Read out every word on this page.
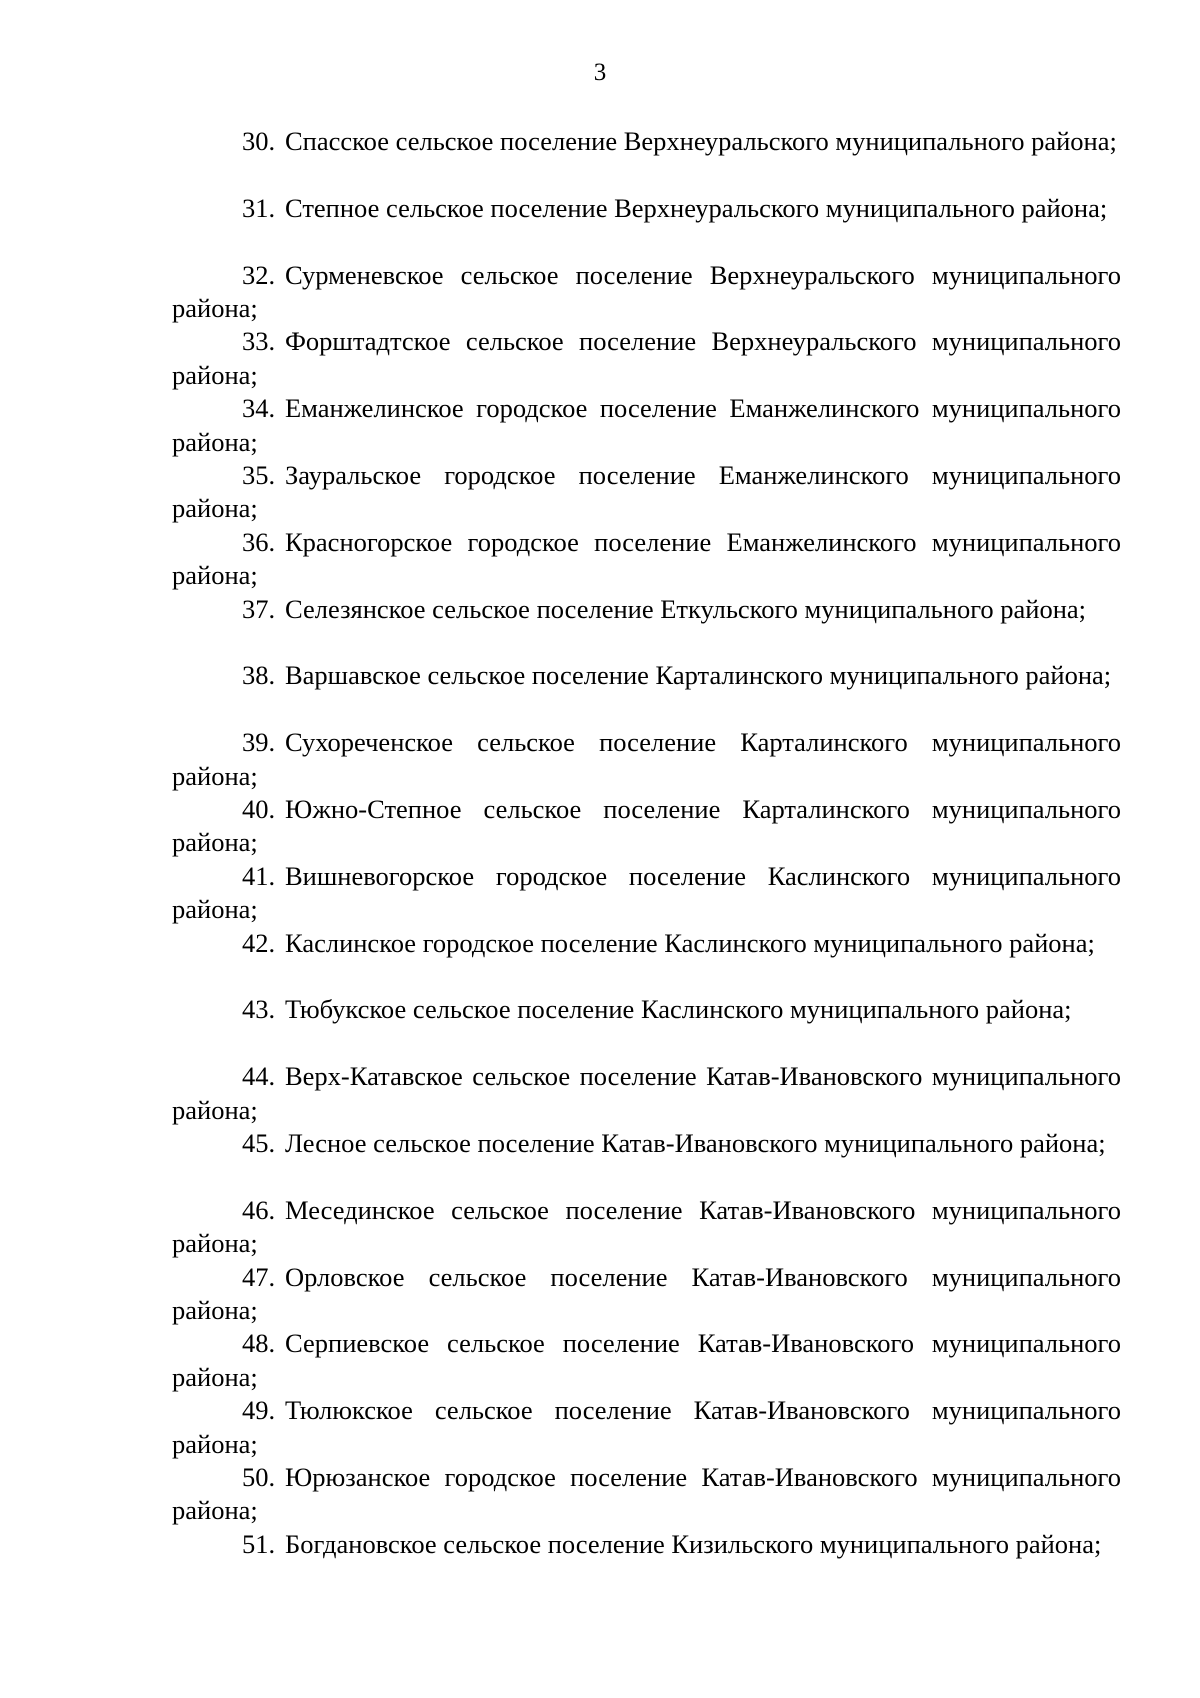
3

30. Спасское сельское поселение Верхнеуральского муниципального района;

31. Степное сельское поселение Верхнеуральского муниципального района;

32. Сурменевское сельское поселение Верхнеуральского муниципального района;

33. Форштадтское сельское поселение Верхнеуральского муниципального района;

34. Еманжелинское городское поселение Еманжелинского муниципального района;

35. Зауральское городское поселение Еманжелинского муниципального района;

36. Красногорское городское поселение Еманжелинского муниципального района;

37. Селезянское сельское поселение Еткульского муниципального района;

38. Варшавское сельское поселение Карталинского муниципального района;

39. Сухореченское сельское поселение Карталинского муниципального района;

40. Южно-Степное сельское поселение Карталинского муниципального района;

41. Вишневогорское городское поселение Каслинского муниципального района;

42. Каслинское городское поселение Каслинского муниципального района;

43. Тюбукское сельское поселение Каслинского муниципального района;

44. Верх-Катавское сельское поселение Катав-Ивановского муниципального района;

45. Лесное сельское поселение Катав-Ивановского муниципального района;

46. Месединское сельское поселение Катав-Ивановского муниципального района;

47. Орловское сельское поселение Катав-Ивановского муниципального района;

48. Серпиевское сельское поселение Катав-Ивановского муниципального района;

49. Тюлюкское сельское поселение Катав-Ивановского муниципального района;

50. Юрюзанское городское поселение Катав-Ивановского муниципального района;

51. Богдановское сельское поселение Кизильского муниципального района;
